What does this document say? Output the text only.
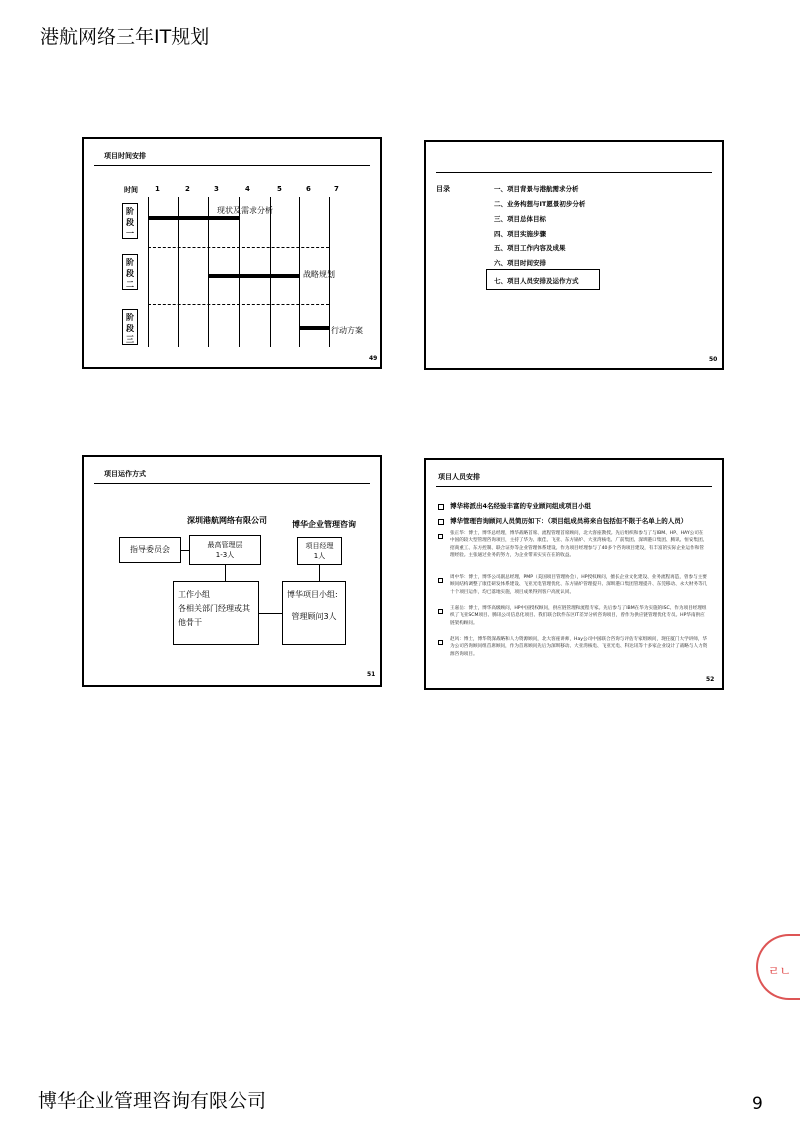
港航网络三年IT规划
博华企业管理咨询有限公司	9
项目时间安排
时间 1	2	3	4	5	6	7
阶段一
阶段二
阶段三
现状及需求分析
战略规划
行动方案
49
目录	一、项目背景与港航需求分析
二、业务构想与IT愿景初步分析
三、项目总体目标
四、项目实施步骤
五、项目工作内容及成果
六、项目时间安排
七、项目人员安排及运作方式
50
项目运作方式
深圳港航网络有限公司	博华企业管理咨询
指导委员会	最高管理层
1-3人
工作小组
各相关部门经理或其他骨干
项目经理
1人
博华项目小组:
管理顾问3人
51
项目人员安排
博华将派出4名经验丰富的专业顾问组成项目小组
博华管理咨询顾问人员简历如下：（项目组成员将来自包括但不限于名单上的人员）
张正华：博士，博华总经理，博华战略首席、流程管理首席顾问，北大客座教授。先后组织和参与了与IBM、HP、HAY公司在中国的较大型管理咨询项目，主持了华为、康佳、飞亚、东方锅炉、大亚湾核电、广前集团、深圳港口集团、腾讯、恒安集团、招商重工、东方控制、联合证券等企业管理体系建设。作为项目经理参与了40多个咨询项目建设，有丰富的实际企业运作和管理经验。主张通过业务的努力，为企业带来实实在在的收益。
周中华：博士，博华公司副总经理，PMP（美国项目管理协会），HP授权顾问，擅长企业文化建设、业务流程再造，曾参与主要顾问结构调整了康佳研发体系建设、飞亚光电管理优化、东方锅炉管理提升、深圳港口集团管理提升、东莞移动、永大财务等几十个项目运作，均已落地实施，项目成果得到客户高度认同。
王嘉岳：博士，博华高级顾问，HP中国授权顾问，供应链管理和流程专家。先后参与了IBM在华为实施的ISC、作为项目经理组织了飞亚SCM项目、腾讯公司信息化项目、我们联合软件东区IT差异分析咨询项目，曾作为供应链管理优化专员。HP华南供应链架构顾问。
赵风：博士，博华资深战略和人力资源顾问，北大客座讲师，Hay公司中国联合咨询与评估专家组顾问，现任厦门大学讲师，华为公司咨询顾问组首席顾问，作为首席顾问先后为深圳移动、大亚湾核电、飞亚光电、科达讯等十多家企业设计了战略与人力资源咨询项目。
52
ㄹㄴ
